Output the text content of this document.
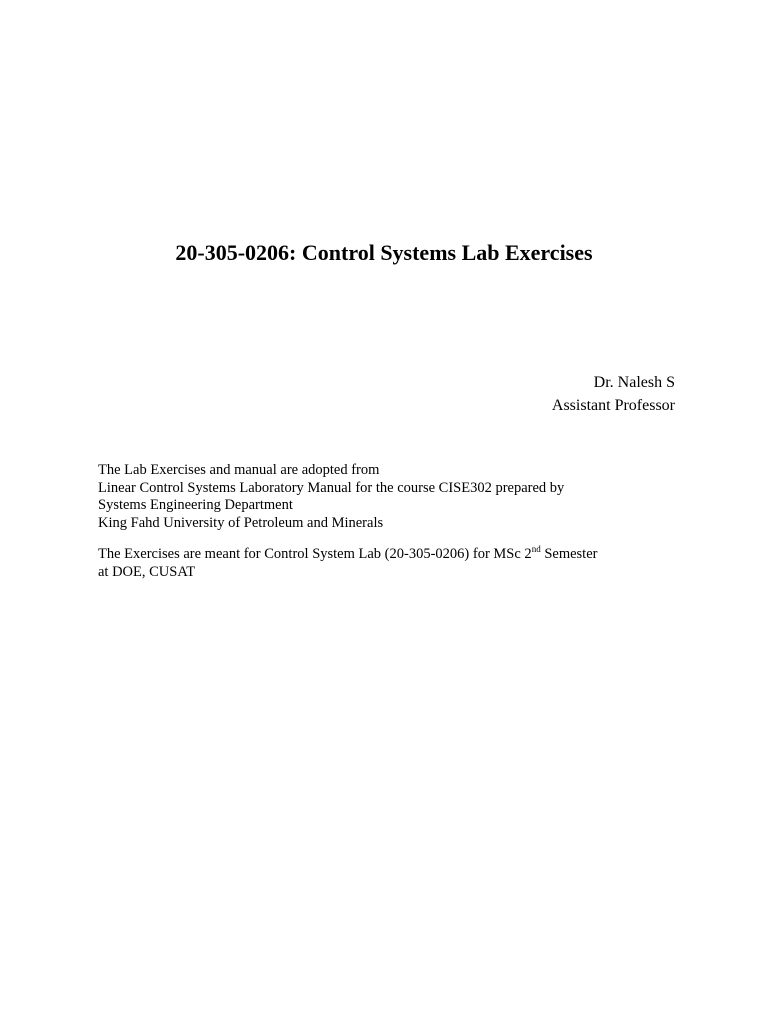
20-305-0206: Control Systems Lab Exercises
Dr. Nalesh S
Assistant Professor
The Lab Exercises and manual are adopted from
Linear Control Systems Laboratory Manual for the course CISE302 prepared by
Systems Engineering Department
King Fahd University of Petroleum and Minerals
The Exercises are meant for Control System Lab (20-305-0206) for MSc 2nd Semester
at DOE, CUSAT
